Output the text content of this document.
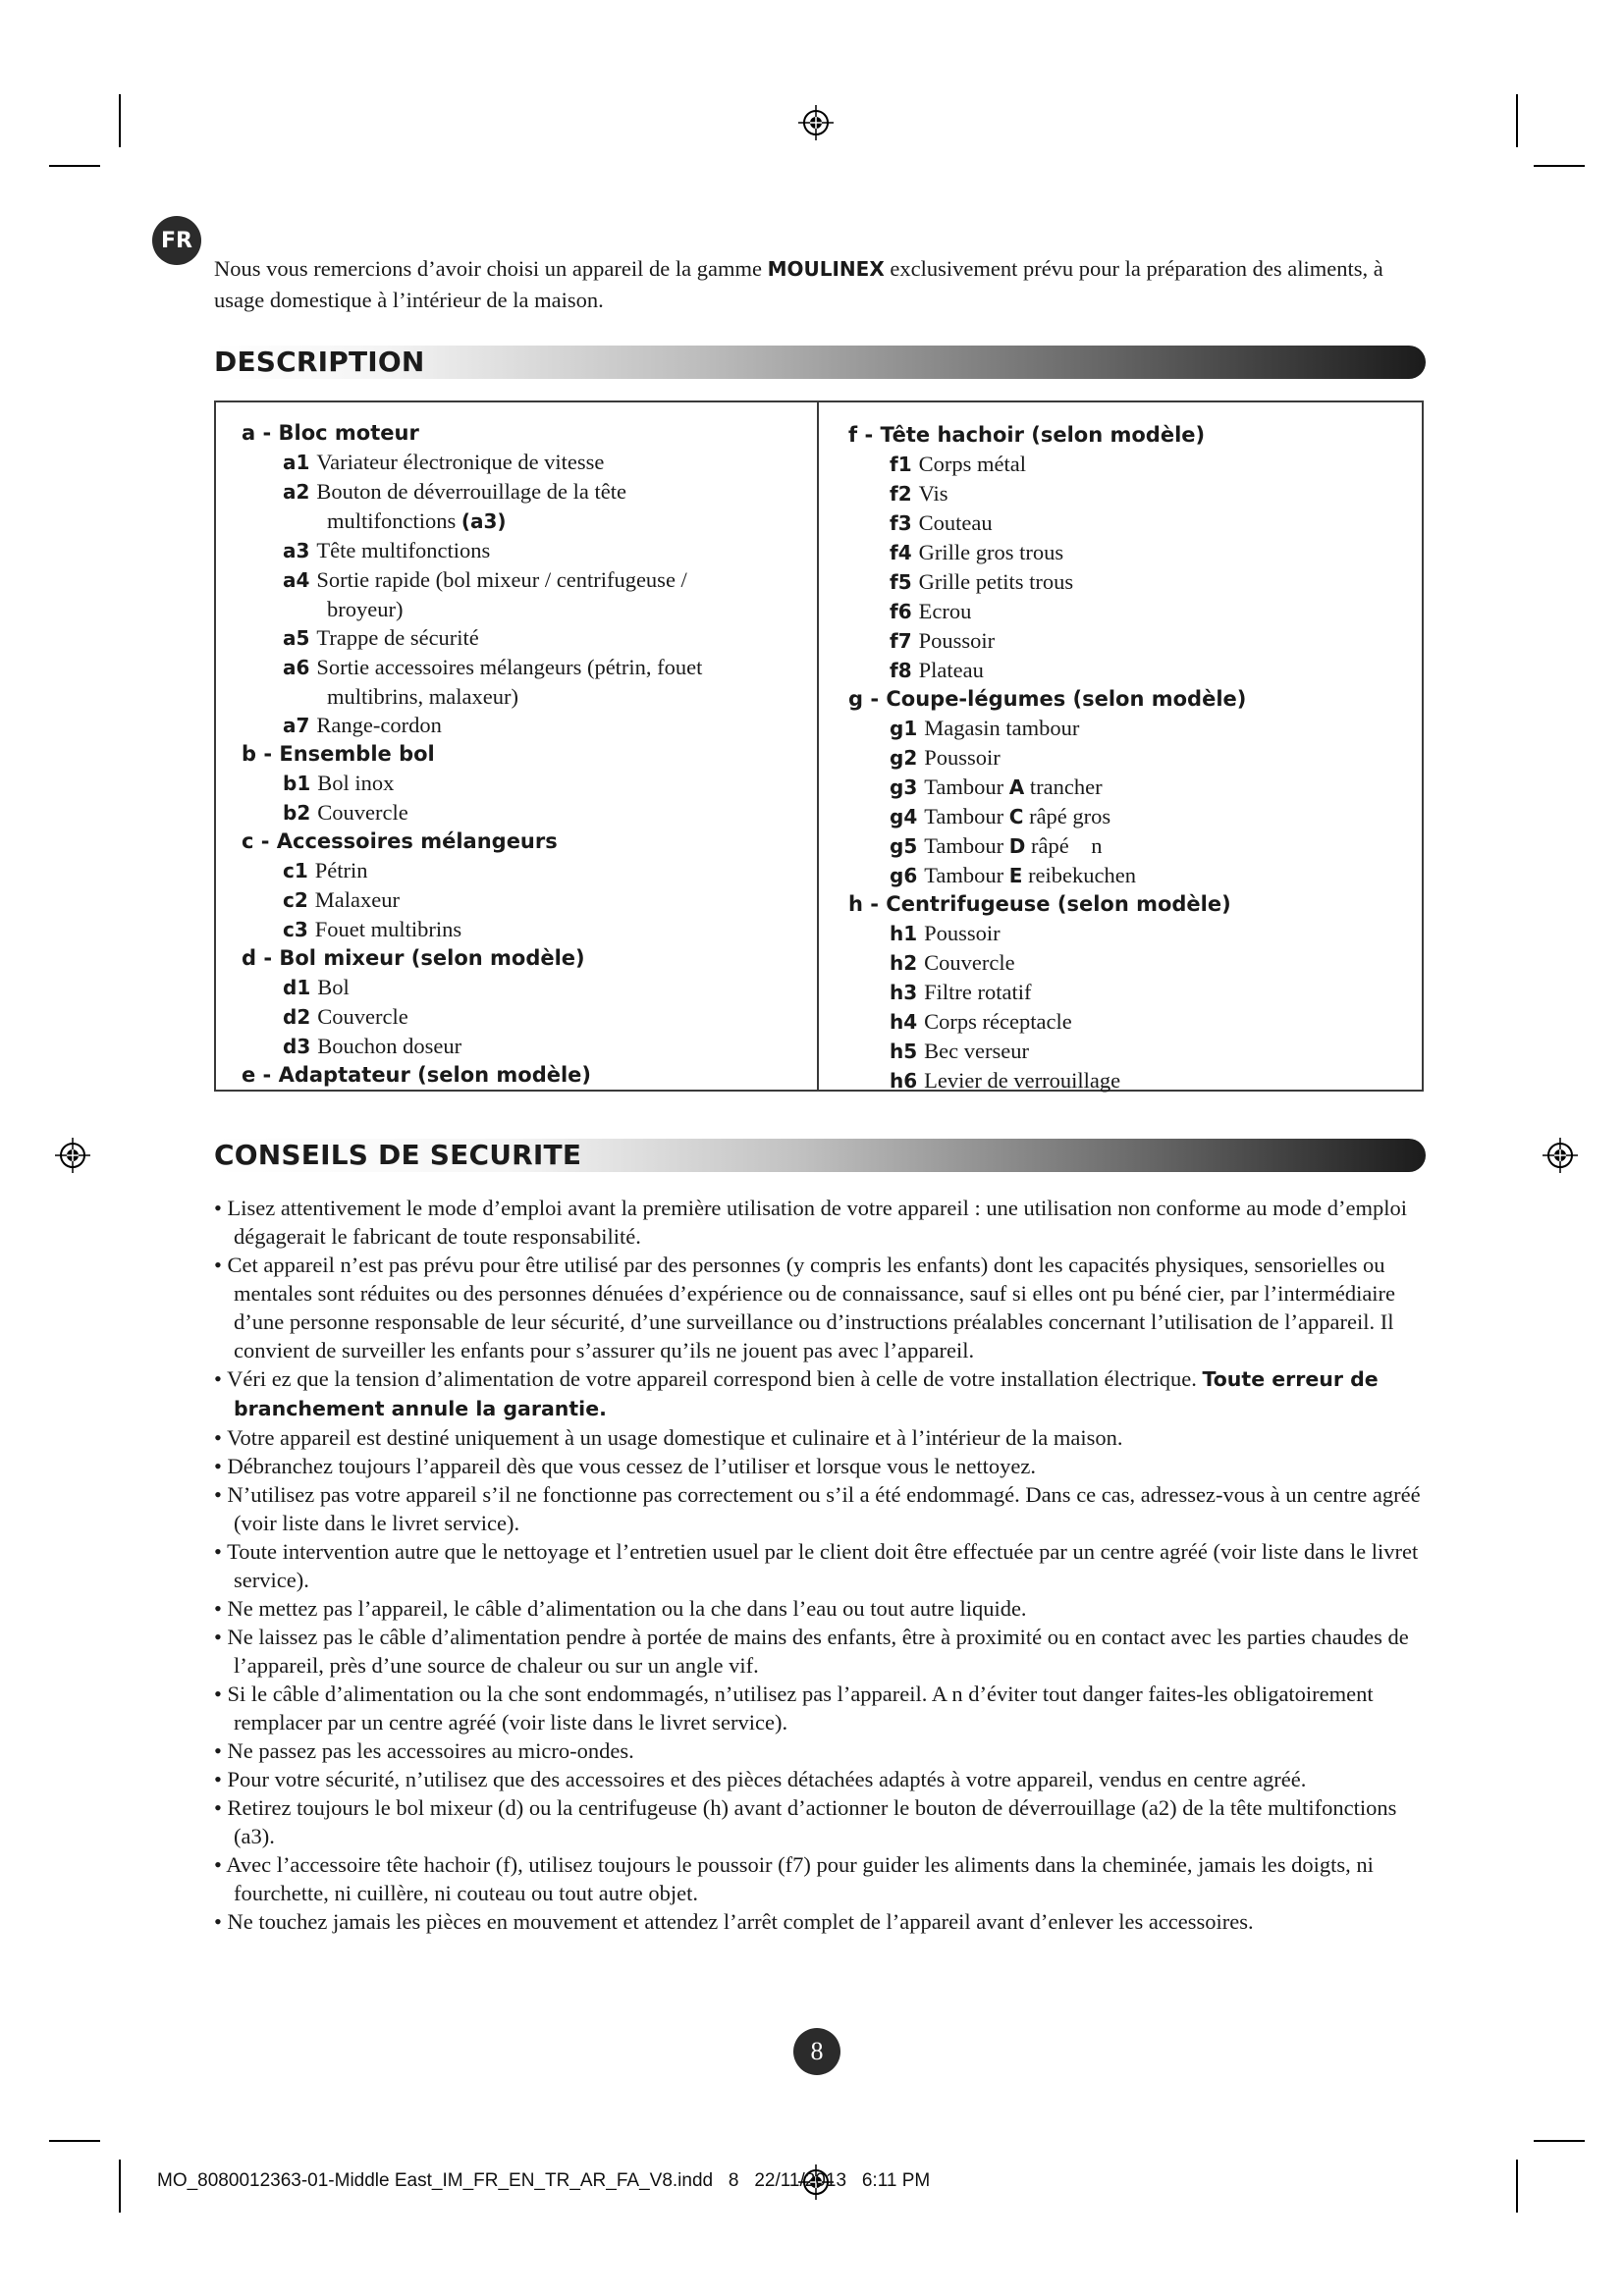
FR
Nous vous remercions d’avoir choisi un appareil de la gamme MOULINEX exclusivement prévu pour la préparation des aliments, à usage domestique à l’intérieur de la maison.
DESCRIPTION
a - Bloc moteur
a1 Variateur électronique de vitesse
a2 Bouton de déverrouillage de la tête
multifonctions (a3)
a3 Tête multifonctions
a4 Sortie rapide (bol mixeur / centrifugeuse /
broyeur)
a5 Trappe de sécurité
a6 Sortie accessoires mélangeurs (pétrin, fouet
multibrins, malaxeur)
a7 Range-cordon
b - Ensemble bol
b1 Bol inox
b2 Couvercle
c - Accessoires mélangeurs
c1 Pétrin
c2 Malaxeur
c3 Fouet multibrins
d - Bol mixeur (selon modèle)
d1 Bol
d2 Couvercle
d3 Bouchon doseur
e - Adaptateur (selon modèle)
f - Tête hachoir (selon modèle)
f1 Corps métal
f2 Vis
f3 Couteau
f4 Grille gros trous
f5 Grille petits trous
f6 Ecrou
f7 Poussoir
f8 Plateau
g - Coupe-légumes (selon modèle)
g1 Magasin tambour
g2 Poussoir
g3 Tambour A trancher
g4 Tambour C râpé gros
g5 Tambour D râpé    n
g6 Tambour E reibekuchen
h - Centrifugeuse (selon modèle)
h1 Poussoir
h2 Couvercle
h3 Filtre rotatif
h4 Corps réceptacle
h5 Bec verseur
h6 Levier de verrouillage
CONSEILS DE SECURITE
• Lisez attentivement le mode d’emploi avant la première utilisation de votre appareil : une utilisation non conforme au mode d’emploi dégagerait le fabricant de toute responsabilité.
• Cet appareil n’est pas prévu pour être utilisé par des personnes (y compris les enfants) dont les capacités physiques, sensorielles ou mentales sont réduites ou des personnes dénuées d’expérience ou de connaissance, sauf si elles ont pu béné cier, par l’intermédiaire d’une personne responsable de leur sécurité, d’une surveillance ou d’instructions préalables concernant l’utilisation de l’appareil. Il convient de surveiller les enfants pour s’assurer qu’ils ne jouent pas avec l’appareil.
• Véri ez que la tension d’alimentation de votre appareil correspond bien à celle de votre installation électrique. Toute erreur de branchement annule la garantie.
• Votre appareil est destiné uniquement à un usage domestique et culinaire et à l’intérieur de la maison.
• Débranchez toujours l’appareil dès que vous cessez de l’utiliser et lorsque vous le nettoyez.
• N’utilisez pas votre appareil s’il ne fonctionne pas correctement ou s’il a été endommagé. Dans ce cas, adressez-vous à un centre agréé (voir liste dans le livret service).
• Toute intervention autre que le nettoyage et l’entretien usuel par le client doit être effectuée par un centre agréé (voir liste dans le livret service).
• Ne mettez pas l’appareil, le câble d’alimentation ou la che dans l’eau ou tout autre liquide.
• Ne laissez pas le câble d’alimentation pendre à portée de mains des enfants, être à proximité ou en contact avec les parties chaudes de l’appareil, près d’une source de chaleur ou sur un angle vif.
• Si le câble d’alimentation ou la che sont endommagés, n’utilisez pas l’appareil. A n d’éviter tout danger faites-les obligatoirement remplacer par un centre agréé (voir liste dans le livret service).
• Ne passez pas les accessoires au micro-ondes.
• Pour votre sécurité, n’utilisez que des accessoires et des pièces détachées adaptés à votre appareil, vendus en centre agréé.
• Retirez toujours le bol mixeur (d) ou la centrifugeuse (h) avant d’actionner le bouton de déverrouillage (a2) de la tête multifonctions (a3).
• Avec l’accessoire tête hachoir (f), utilisez toujours le poussoir (f7) pour guider les aliments dans la cheminée, jamais les doigts, ni fourchette, ni cuillère, ni couteau ou tout autre objet.
• Ne touchez jamais les pièces en mouvement et attendez l’arrêt complet de l’appareil avant d’enlever les accessoires.
8
MO_8080012363-01-Middle East_IM_FR_EN_TR_AR_FA_V8.indd   8   22/11/2013   6:11 PM
